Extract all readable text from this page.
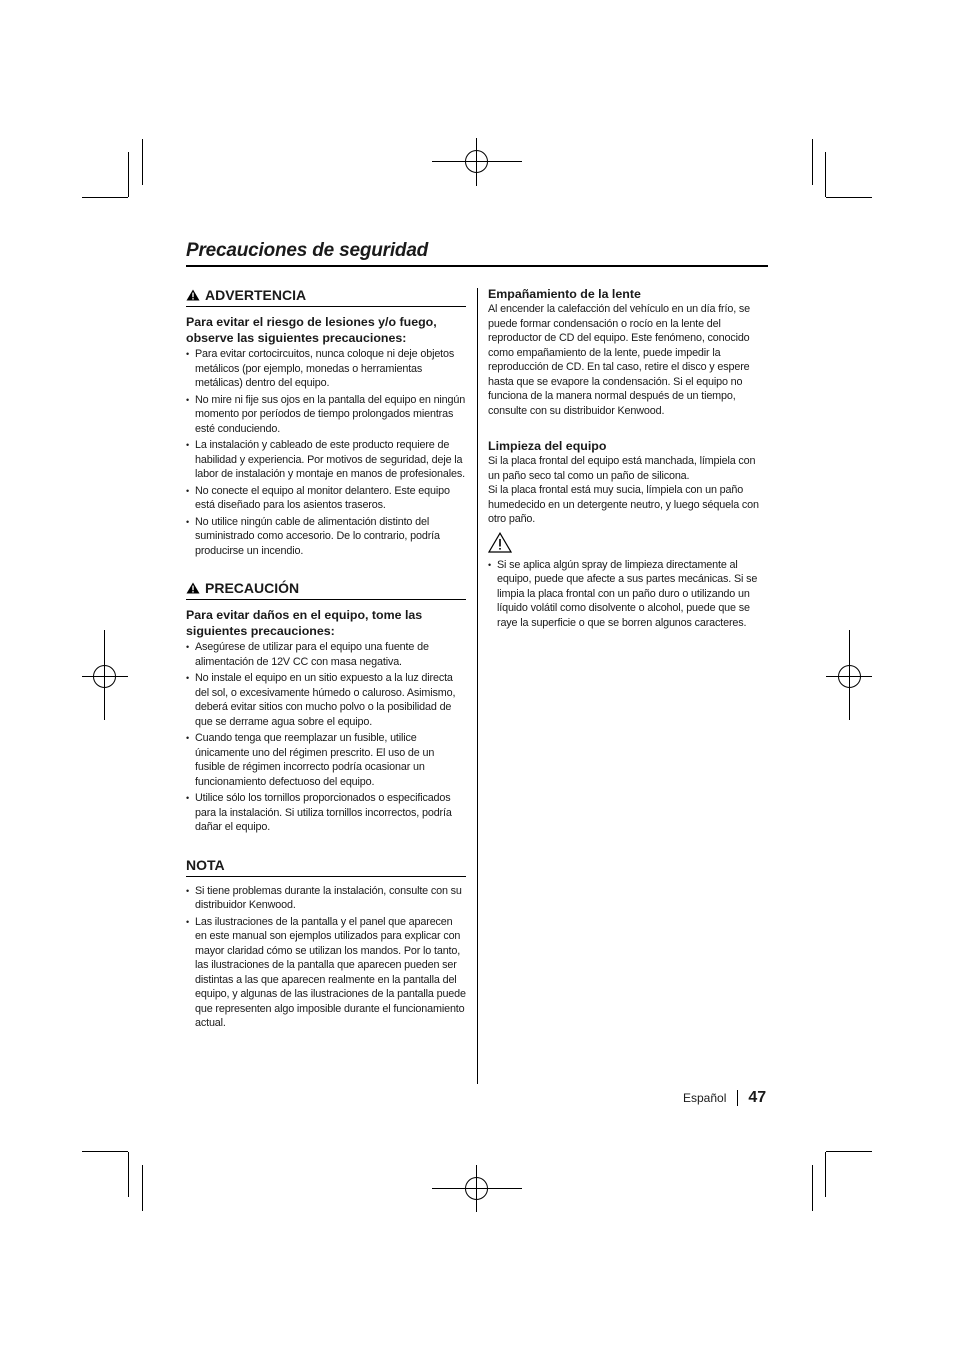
Precauciones de seguridad
ADVERTENCIA

Para evitar el riesgo de lesiones y/o fuego, observe las siguientes precauciones:

• Para evitar cortocircuitos, nunca coloque ni deje objetos metálicos (por ejemplo, monedas o herramientas metálicas) dentro del equipo.
• No mire ni fije sus ojos en la pantalla del equipo en ningún momento por períodos de tiempo prolongados mientras esté conduciendo.
• La instalación y cableado de este producto requiere de habilidad y experiencia. Por motivos de seguridad, deje la labor de instalación y montaje en manos de profesionales.
• No conecte el equipo al monitor delantero. Este equipo está diseñado para los asientos traseros.
• No utilice ningún cable de alimentación distinto del suministrado como accesorio. De lo contrario, podría producirse un incendio.
PRECAUCIÓN

Para evitar daños en el equipo, tome las siguientes precauciones:

• Asegúrese de utilizar para el equipo una fuente de alimentación de 12V CC con masa negativa.
• No instale el equipo en un sitio expuesto a la luz directa del sol, o excesivamente húmedo o caluroso. Asimismo, deberá evitar sitios con mucho polvo o la posibilidad de que se derrame agua sobre el equipo.
• Cuando tenga que reemplazar un fusible, utilice únicamente uno del régimen prescrito. El uso de un fusible de régimen incorrecto podría ocasionar un funcionamiento defectuoso del equipo.
• Utilice sólo los tornillos proporcionados o especificados para la instalación. Si utiliza tornillos incorrectos, podría dañar el equipo.
NOTA
• Si tiene problemas durante la instalación, consulte con su distribuidor Kenwood.
• Las ilustraciones de la pantalla y el panel que aparecen en este manual son ejemplos utilizados para explicar con mayor claridad cómo se utilizan los mandos. Por lo tanto, las ilustraciones de la pantalla que aparecen pueden ser distintas a las que aparecen realmente en la pantalla del equipo, y algunas de las ilustraciones de la pantalla puede que representen algo imposible durante el funcionamiento actual.
Empañamiento de la lente

Al encender la calefacción del vehículo en un día frío, se puede formar condensación o rocío en la lente del reproductor de CD del equipo. Este fenómeno, conocido como empañamiento de la lente, puede impedir la reproducción de CD. En tal caso, retire el disco y espere hasta que se evapore la condensación. Si el equipo no funciona de la manera normal después de un tiempo, consulte con su distribuidor Kenwood.

Limpieza del equipo

Si la placa frontal del equipo está manchada, límpiela con un paño seco tal como un paño de silicona.

Si la placa frontal está muy sucia, límpiela con un paño humedecido en un detergente neutro, y luego séquela con otro paño.

• Si se aplica algún spray de limpieza directamente al equipo, puede que afecte a sus partes mecánicas. Si se limpia la placa frontal con un paño duro o utilizando un líquido volátil como disolvente o alcohol, puede que se raye la superficie o que se borren algunos caracteres.
Español 47
